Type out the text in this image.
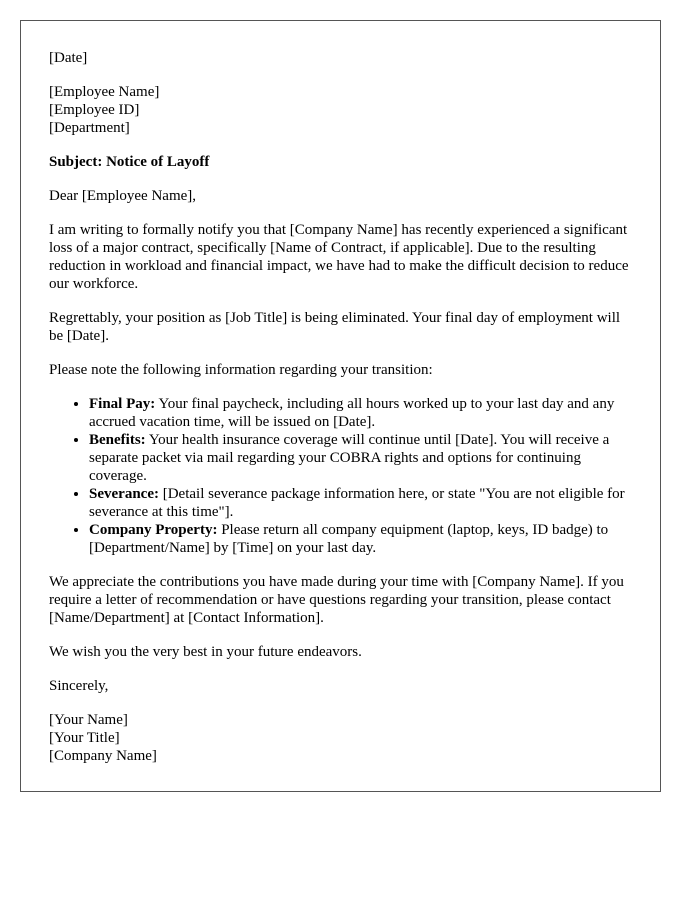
[Date]

[Employee Name]
[Employee ID]
[Department]

Subject: Notice of Layoff

Dear [Employee Name],

I am writing to formally notify you that [Company Name] has recently experienced a significant loss of a major contract, specifically [Name of Contract, if applicable]. Due to the resulting reduction in workload and financial impact, we have had to make the difficult decision to reduce our workforce.

Regrettably, your position as [Job Title] is being eliminated. Your final day of employment will be [Date].

Please note the following information regarding your transition:

• Final Pay: Your final paycheck, including all hours worked up to your last day and any accrued vacation time, will be issued on [Date].
• Benefits: Your health insurance coverage will continue until [Date]. You will receive a separate packet via mail regarding your COBRA rights and options for continuing coverage.
• Severance: [Detail severance package information here, or state "You are not eligible for severance at this time"].
• Company Property: Please return all company equipment (laptop, keys, ID badge) to [Department/Name] by [Time] on your last day.

We appreciate the contributions you have made during your time with [Company Name]. If you require a letter of recommendation or have questions regarding your transition, please contact [Name/Department] at [Contact Information].

We wish you the very best in your future endeavors.

Sincerely,

[Your Name]
[Your Title]
[Company Name]
